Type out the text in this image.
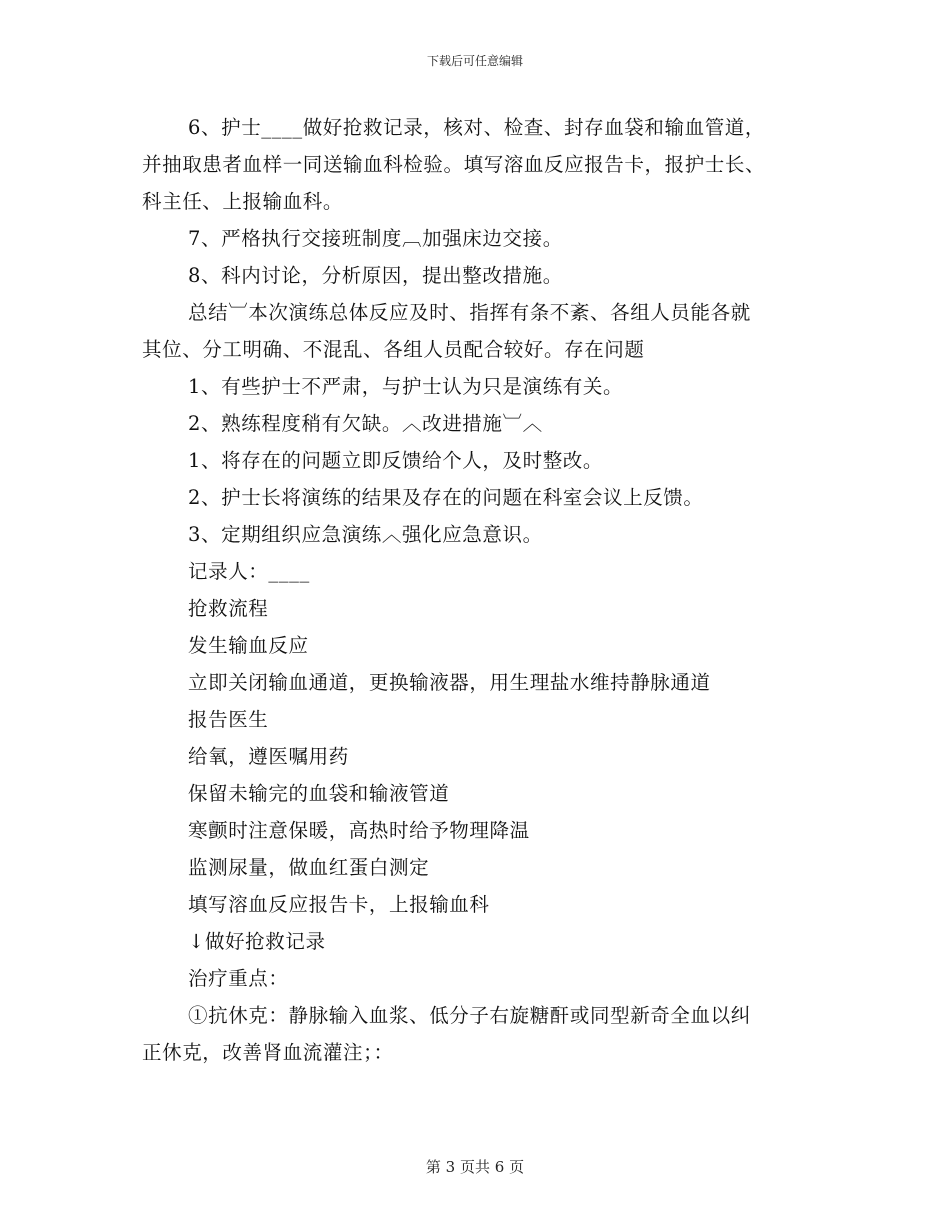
下载后可任意编辑
6、护士____做好抢救记录，核对、检查、封存血袋和输血管道，
并抽取患者血样一同送输血科检验。填写溶血反应报告卡，报护士长、
科主任、上报输血科。
7、严格执行交接班制度︹加强床边交接。
8、科内讨论，分析原因，提出整改措施。
总结︺本次演练总体反应及时、指挥有条不紊、各组人员能各就
其位、分工明确、不混乱、各组人员配合较好。存在问题
1、有些护士不严肃，与护士认为只是演练有关。
2、熟练程度稍有欠缺。︿改进措施︺︿
1、将存在的问题立即反馈给个人，及时整改。
2、护士长将演练的结果及存在的问题在科室会议上反馈。
3、定期组织应急演练︿强化应急意识。
记录人：____
抢救流程
发生输血反应
立即关闭输血通道，更换输液器，用生理盐水维持静脉通道
报告医生
给氧，遵医嘱用药
保留未输完的血袋和输液管道
寒颤时注意保暖，高热时给予物理降温
监测尿量，做血红蛋白测定
填写溶血反应报告卡，上报输血科
↓做好抢救记录
治疗重点：
①抗休克：静脉输入血浆、低分子右旋糖酐或同型新奇全血以纠
正休克，改善肾血流灌注；：
第 3 页共 6 页
